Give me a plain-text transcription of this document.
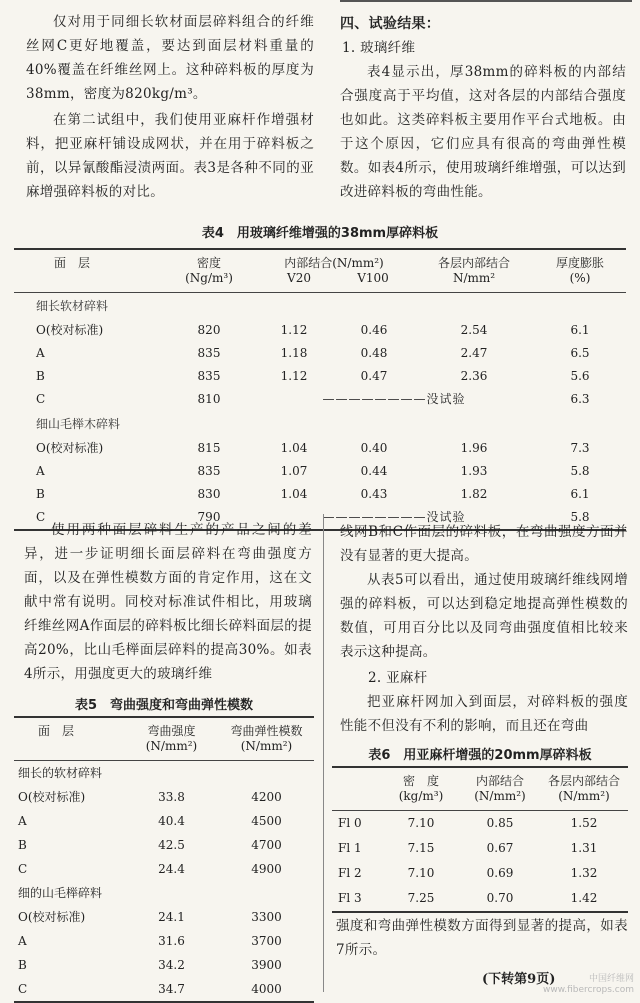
仅对用于同细长软材面层碎料组合的纤维丝网C更好地覆盖，要达到面层材料重量的40%覆盖在纤维丝网上。这种碎料板的厚度为38mm，密度为820kg/m³。

在第二试组中，我们使用亚麻杆作增强材料，把亚麻杆铺设成网状，并在用于碎料板之前，以异氰酸酯浸渍两面。表3是各种不同的亚麻增强碎料板的对比。

四、试验结果：

1. 玻璃纤维

表4显示出，厚38mm的碎料板的内部结合强度高于平均值，这对各层的内部结合强度也如此。这类碎料板主要用作平台式地板。由于这个原因，它们应具有很高的弯曲弹性模数。如表4所示，使用玻璃纤维增强，可以达到改进碎料板的弯曲性能。

表4　用玻璃纤维增强的38mm厚碎料板
面　层	密度
(Ng/m³)	内部结合(N/mm²)
V20 V100		各层内部结合
N/mm²	厚度膨胀
(%)
细长软材碎料					
O(校对标准)	820	1.12	0.46	2.54	6.1
A	835	1.18	0.48	2.47	6.5
B	835	1.12	0.47	2.36	5.6
C	810	————————没试验			6.3
细山毛榉木碎料					
O(校对标准)	815	1.04	0.40	1.96	7.3
A	835	1.07	0.44	1.93	5.8
B	830	1.04	0.43	1.82	6.1
C	790	————————没试验			5.8

使用两种面层碎料生产的产品之间的差异，进一步证明细长面层碎料在弯曲强度方面，以及在弹性模数方面的肯定作用，这在文献中常有说明。同校对标准试件相比，用玻璃纤维丝网A作面层的碎料板比细长碎料面层的提高20%，比山毛榉面层碎料的提高30%。如表4所示，用强度更大的玻璃纤维

表5　弯曲强度和弯曲弹性模数
面　层	弯曲强度
(N/mm²)	弯曲弹性模数
(N/mm²)
细长的软材碎料		
O(校对标准)	33.8	4200
A	40.4	4500
B	42.5	4700
C	24.4	4900
细的山毛榉碎料		
O(校对标准)	24.1	3300
A	31.6	3700
B	34.2	3900
C	34.7	4000

线网B和C作面层的碎料板，在弯曲强度方面并没有显著的更大提高。

从表5可以看出，通过使用玻璃纤维线网增强的碎料板，可以达到稳定地提高弹性模数的数值，可用百分比以及同弯曲强度值相比较来表示这种提高。

2. 亚麻杆

把亚麻杆网加入到面层，对碎料板的强度性能不但没有不利的影响，而且还在弯曲

表6　用亚麻杆增强的20mm厚碎料板
	密　度
(kg/m³)	内部结合
(N/mm²)	各层内部结合
(N/mm²)
Fl 0	7.10	0.85	1.52
Fl 1	7.15	0.67	1.31
Fl 2	7.10	0.69	1.32
Fl 3	7.25	0.70	1.42

强度和弯曲弹性模数方面得到显著的提高，如表7所示。

(下转第9页)	中国纤维网
www.fibercrops.com
